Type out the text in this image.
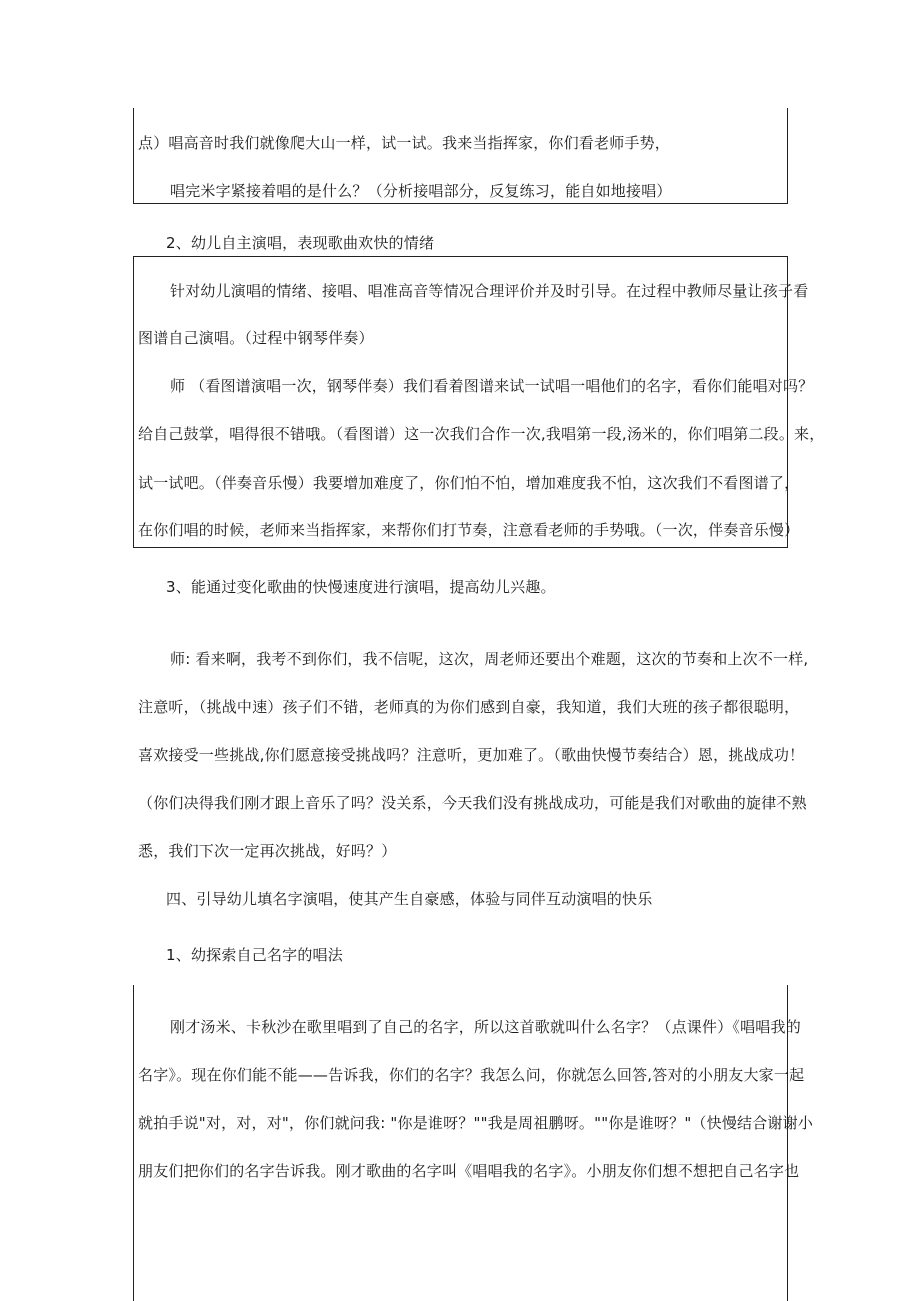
点）唱高音时我们就像爬大山一样，试一试。我来当指挥家，你们看老师手势，
唱完米字紧接着唱的是什么？（分析接唱部分，反复练习，能自如地接唱）
2、幼儿自主演唱，表现歌曲欢快的情绪
针对幼儿演唱的情绪、接唱、唱准高音等情况合理评价并及时引导。在过程中教师尽量让孩子看
图谱自己演唱。（过程中钢琴伴奏）
师 （看图谱演唱一次，钢琴伴奏）我们看着图谱来试一试唱一唱他们的名字，看你们能唱对吗？
给自己鼓掌，唱得很不错哦。（看图谱）这一次我们合作一次,我唱第一段,汤米的，你们唱第二段。来，
试一试吧。（伴奏音乐慢）我要增加难度了，你们怕不怕，增加难度我不怕，这次我们不看图谱了，
在你们唱的时候，老师来当指挥家，来帮你们打节奏，注意看老师的手势哦。（一次，伴奏音乐慢）
3、能通过变化歌曲的快慢速度进行演唱，提高幼儿兴趣。
师: 看来啊，我考不到你们，我不信呢，这次，周老师还要出个难题，这次的节奏和上次不一样,
注意听，（挑战中速）孩子们不错，老师真的为你们感到自豪，我知道，我们大班的孩子都很聪明，
喜欢接受一些挑战,你们愿意接受挑战吗？注意听，更加难了。（歌曲快慢节奏结合）恩，挑战成功！
（你们决得我们刚才跟上音乐了吗？没关系，今天我们没有挑战成功，可能是我们对歌曲的旋律不熟
悉，我们下次一定再次挑战，好吗？）
四、引导幼儿填名字演唱，使其产生自豪感，体验与同伴互动演唱的快乐
1、幼探索自己名字的唱法
刚才汤米、卡秋沙在歌里唱到了自己的名字，所以这首歌就叫什么名字？（点课件）《唱唱我的
名字》。现在你们能不能——告诉我，你们的名字？我怎么问，你就怎么回答,答对的小朋友大家一起
就拍手说"对，对，对"，你们就问我: "你是谁呀？""我是周祖鹏呀。""你是谁呀？"（快慢结合谢谢小
朋友们把你们的名字告诉我。刚才歌曲的名字叫《唱唱我的名字》。小朋友你们想不想把自己名字也
